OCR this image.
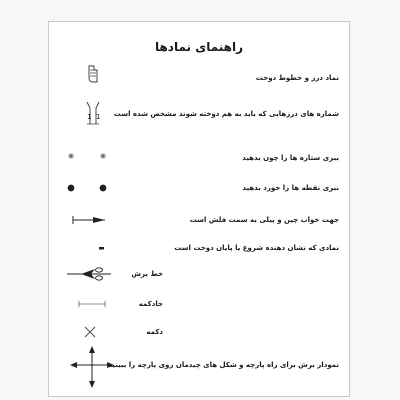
راهنمای نمادها
نماد درز و خطوط دوخت
1 1 شماره های درزهایی که باید به هم دوخته شوند مشخص شده است
ببری ستاره ها را چون بدهید
ببری نقطه ها را خورد بدهید
جهت خواب چین و پیلی به سمت فلش است
نمادی که نشان دهنده شروع یا پایان دوخت است
خط برش
جادکمه
دکمه
نمودار برش برای راه پارچه و شکل های چیدمان روی پارچه را ببینید
